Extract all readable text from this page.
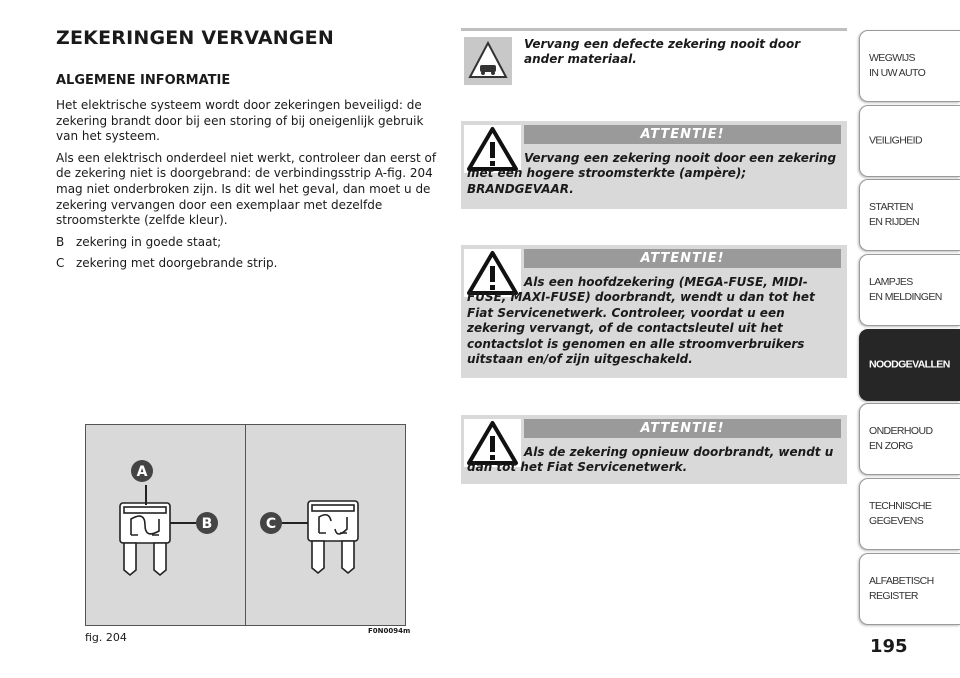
ZEKERINGEN VERVANGEN
ALGEMENE INFORMATIE

Het elektrische systeem wordt door zekeringen beveiligd: de zekering brandt door bij een storing of bij oneigenlijk gebruik van het systeem.

Als een elektrisch onderdeel niet werkt, controleer dan eerst of de zekering niet is doorgebrand: de verbindingsstrip A-fig. 204 mag niet onderbroken zijn. Is dit wel het geval, dan moet u de zekering vervangen door een exemplaar met dezelfde stroomsterkte (zelfde kleur).

B zekering in goede staat;
C zekering met doorgebrande strip.
A
B	C
fig. 204	F0N0094m
Vervang een defecte zekering nooit door ander materiaal.
ATTENTIE!
Vervang een zekering nooit door een zekering met een hogere stroomsterkte (ampère); BRANDGEVAAR.
ATTENTIE!
Als een hoofdzekering (MEGA-FUSE, MIDI-FUSE, MAXI-FUSE) doorbrandt, wendt u dan tot het Fiat Servicenetwerk. Controleer, voordat u een zekering vervangt, of de contactsleutel uit het contactslot is genomen en alle stroomverbruikers uitstaan en/of zijn uitgeschakeld.
ATTENTIE!
Als de zekering opnieuw doorbrandt, wendt u dan tot het Fiat Servicenetwerk.
WEGWIJS
IN UW AUTO
VEILIGHEID
STARTEN
EN RIJDEN
LAMPJES
EN MELDINGEN
NOODGEVALLEN
ONDERHOUD
EN ZORG
TECHNISCHE
GEGEVENS
ALFABETISCH
REGISTER
195
